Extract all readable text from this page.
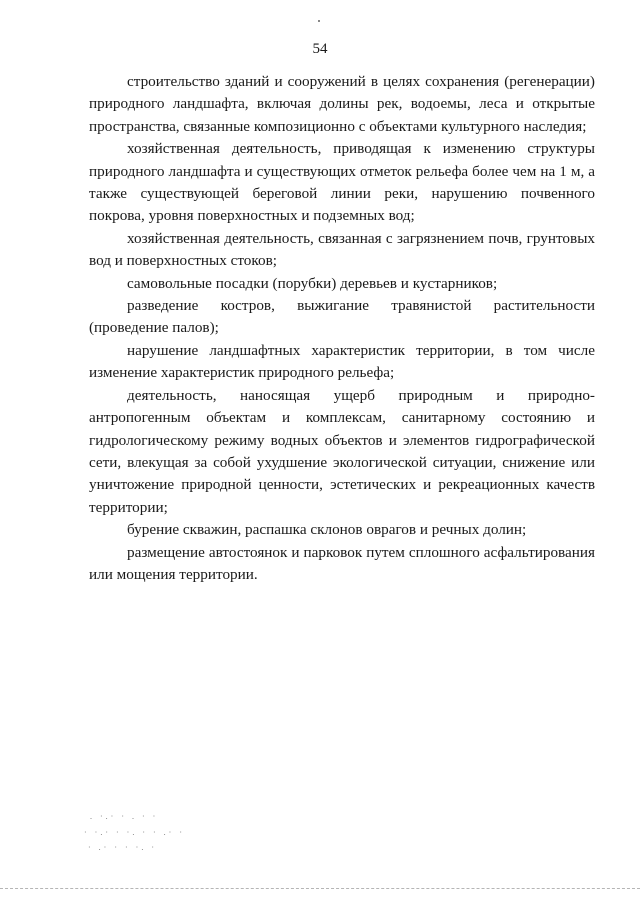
54

строительство зданий и сооружений в целях сохранения (регенерации) природного ландшафта, включая долины рек, водоемы, леса и открытые пространства, связанные композиционно с объектами культурного наследия;

хозяйственная деятельность, приводящая к изменению структуры природного ландшафта и существующих отметок рельефа более чем на 1 м, а также существующей береговой линии реки, нарушению почвенного покрова, уровня поверхностных и подземных вод;

хозяйственная деятельность, связанная с загрязнением почв, грунтовых вод и поверхностных стоков;

самовольные посадки (порубки) деревьев и кустарников;

разведение костров, выжигание травянистой растительности (проведение палов);

нарушение ландшафтных характеристик территории, в том числе изменение характеристик природного рельефа;

деятельность, наносящая ущерб природным и природно-антропогенным объектам и комплексам, санитарному состоянию и гидрологическому режиму водных объектов и элементов гидрографической сети, влекущая за собой ухудшение экологической ситуации, снижение или уничтожение природной ценности, эстетических и рекреационных качеств территории;

бурение скважин, распашка склонов оврагов и речных долин;

размещение автостоянок и парковок путем сплошного асфальтирования или мощения территории.

. ·.· · . · ·
· ·.· · ·. · · .· ·
· .· · · ·. ·
